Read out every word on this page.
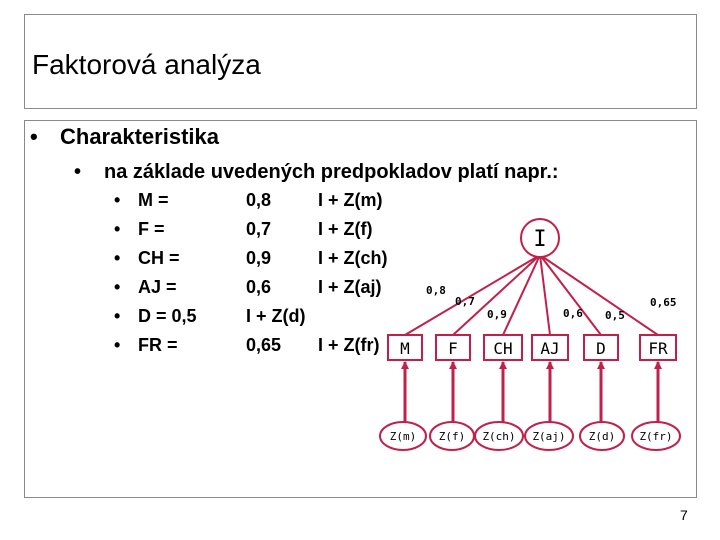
Faktorová analýza
• Charakteristika
• na základe uvedených predpokladov platí napr.:
• M =	0,8	I + Z(m)
• F =	0,7	I + Z(f)
• CH =	0,9	I + Z(ch)
• AJ =	0,6	I + Z(aj)
• D = 0,5	I + Z(d)
• FR =	0,65 I + Z(fr)
I
0,8
0,7
0,9	0,6 0,5
0,65
M F CH AJ D	FR
Z(m) Z(f) Z(ch) Z(aj) Z(d) Z(fr)
7
